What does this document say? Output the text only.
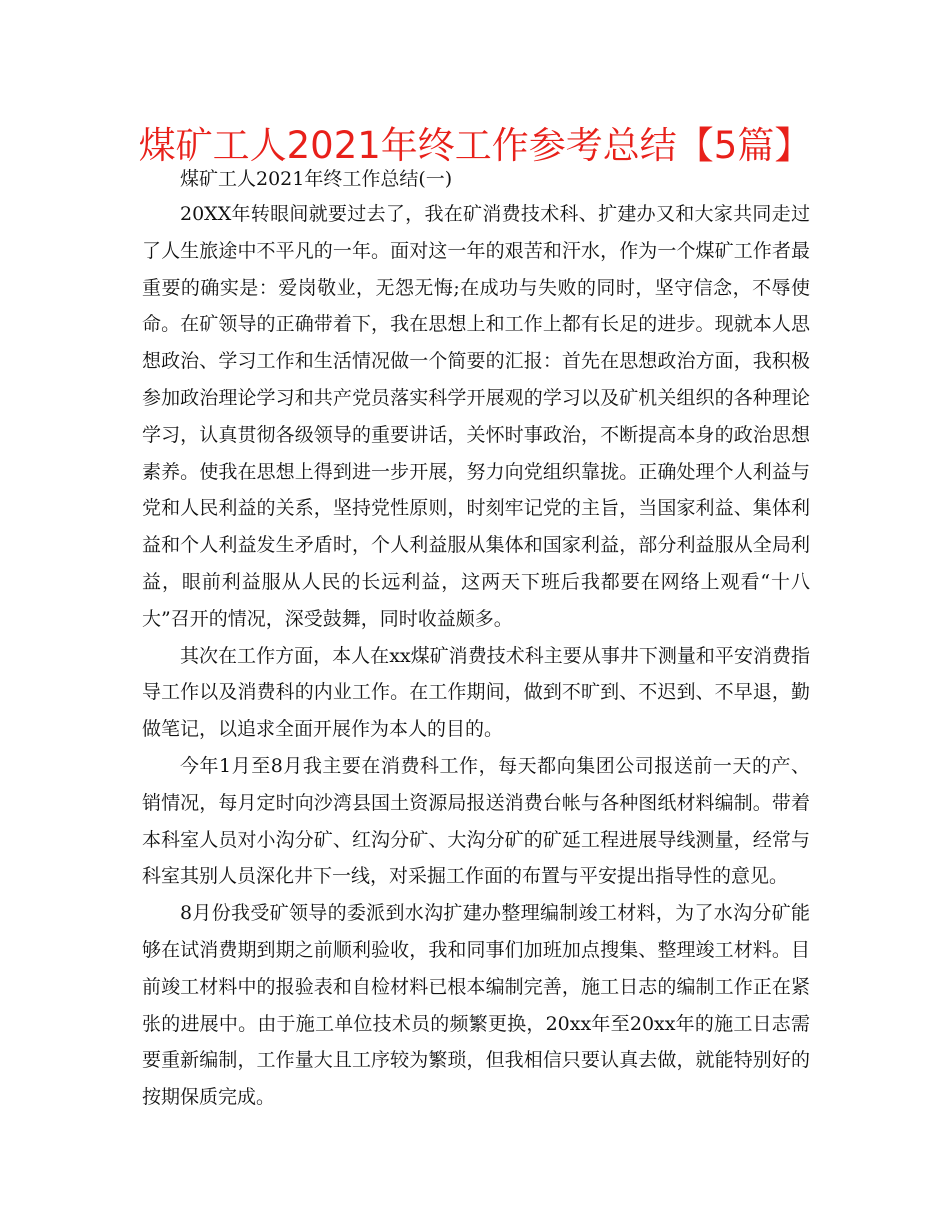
煤矿工人2021年终工作参考总结【5篇】

煤矿工人2021年终工作总结(一)

20XX年转眼间就要过去了，我在矿消费技术科、扩建办又和大家共同走过了人生旅途中不平凡的一年。面对这一年的艰苦和汗水，作为一个煤矿工作者最重要的确实是：爱岗敬业，无怨无悔;在成功与失败的同时，坚守信念，不辱使命。在矿领导的正确带着下，我在思想上和工作上都有长足的进步。现就本人思想政治、学习工作和生活情况做一个简要的汇报：首先在思想政治方面，我积极参加政治理论学习和共产党员落实科学开展观的学习以及矿机关组织的各种理论学习，认真贯彻各级领导的重要讲话，关怀时事政治，不断提高本身的政治思想素养。使我在思想上得到进一步开展，努力向党组织靠拢。正确处理个人利益与党和人民利益的关系，坚持党性原则，时刻牢记党的主旨，当国家利益、集体利益和个人利益发生矛盾时，个人利益服从集体和国家利益，部分利益服从全局利益，眼前利益服从人民的长远利益，这两天下班后我都要在网络上观看“十八大”召开的情况，深受鼓舞，同时收益颇多。

其次在工作方面，本人在xx煤矿消费技术科主要从事井下测量和平安消费指导工作以及消费科的内业工作。在工作期间，做到不旷到、不迟到、不早退，勤做笔记，以追求全面开展作为本人的目的。

今年1月至8月我主要在消费科工作，每天都向集团公司报送前一天的产、销情况，每月定时向沙湾县国土资源局报送消费台帐与各种图纸材料编制。带着本科室人员对小沟分矿、红沟分矿、大沟分矿的矿延工程进展导线测量，经常与科室其别人员深化井下一线，对采掘工作面的布置与平安提出指导性的意见。

8月份我受矿领导的委派到水沟扩建办整理编制竣工材料，为了水沟分矿能够在试消费期到期之前顺利验收，我和同事们加班加点搜集、整理竣工材料。目前竣工材料中的报验表和自检材料已根本编制完善，施工日志的编制工作正在紧张的进展中。由于施工单位技术员的频繁更换，20xx年至20xx年的施工日志需要重新编制，工作量大且工序较为繁琐，但我相信只要认真去做，就能特别好的按期保质完成。
